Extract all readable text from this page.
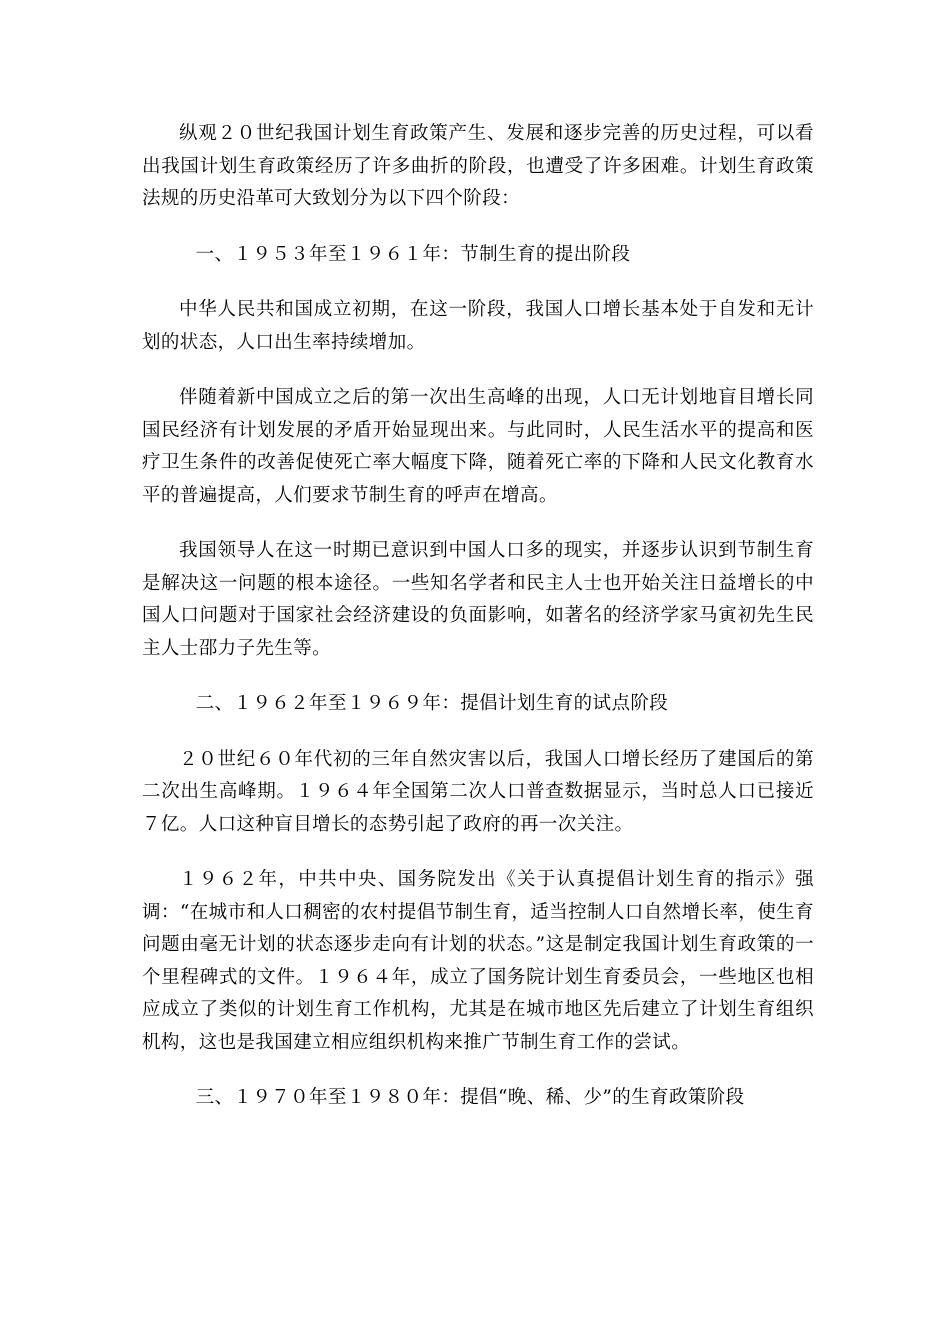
纵观２０世纪我国计划生育政策产生、发展和逐步完善的历史过程，可以看出我国计划生育政策经历了许多曲折的阶段，也遭受了许多困难。计划生育政策法规的历史沿革可大致划分为以下四个阶段：

一、１９５３年至１９６１年：节制生育的提出阶段

中华人民共和国成立初期，在这一阶段，我国人口增长基本处于自发和无计划的状态，人口出生率持续增加。

伴随着新中国成立之后的第一次出生高峰的出现，人口无计划地盲目增长同国民经济有计划发展的矛盾开始显现出来。与此同时，人民生活水平的提高和医疗卫生条件的改善促使死亡率大幅度下降，随着死亡率的下降和人民文化教育水平的普遍提高，人们要求节制生育的呼声在增高。

我国领导人在这一时期已意识到中国人口多的现实，并逐步认识到节制生育是解决这一问题的根本途径。一些知名学者和民主人士也开始关注日益增长的中国人口问题对于国家社会经济建设的负面影响，如著名的经济学家马寅初先生民主人士邵力子先生等。

二、１９６２年至１９６９年：提倡计划生育的试点阶段

２０世纪６０年代初的三年自然灾害以后，我国人口增长经历了建国后的第二次出生高峰期。１９６４年全国第二次人口普查数据显示，当时总人口已接近７亿。人口这种盲目增长的态势引起了政府的再一次关注。

１９６２年，中共中央、国务院发出《关于认真提倡计划生育的指示》强调：“在城市和人口稠密的农村提倡节制生育，适当控制人口自然增长率，使生育问题由毫无计划的状态逐步走向有计划的状态。”这是制定我国计划生育政策的一个里程碑式的文件。１９６４年，成立了国务院计划生育委员会，一些地区也相应成立了类似的计划生育工作机构，尤其是在城市地区先后建立了计划生育组织机构，这也是我国建立相应组织机构来推广节制生育工作的尝试。

三、１９７０年至１９８０年：提倡“晚、稀、少”的生育政策阶段
